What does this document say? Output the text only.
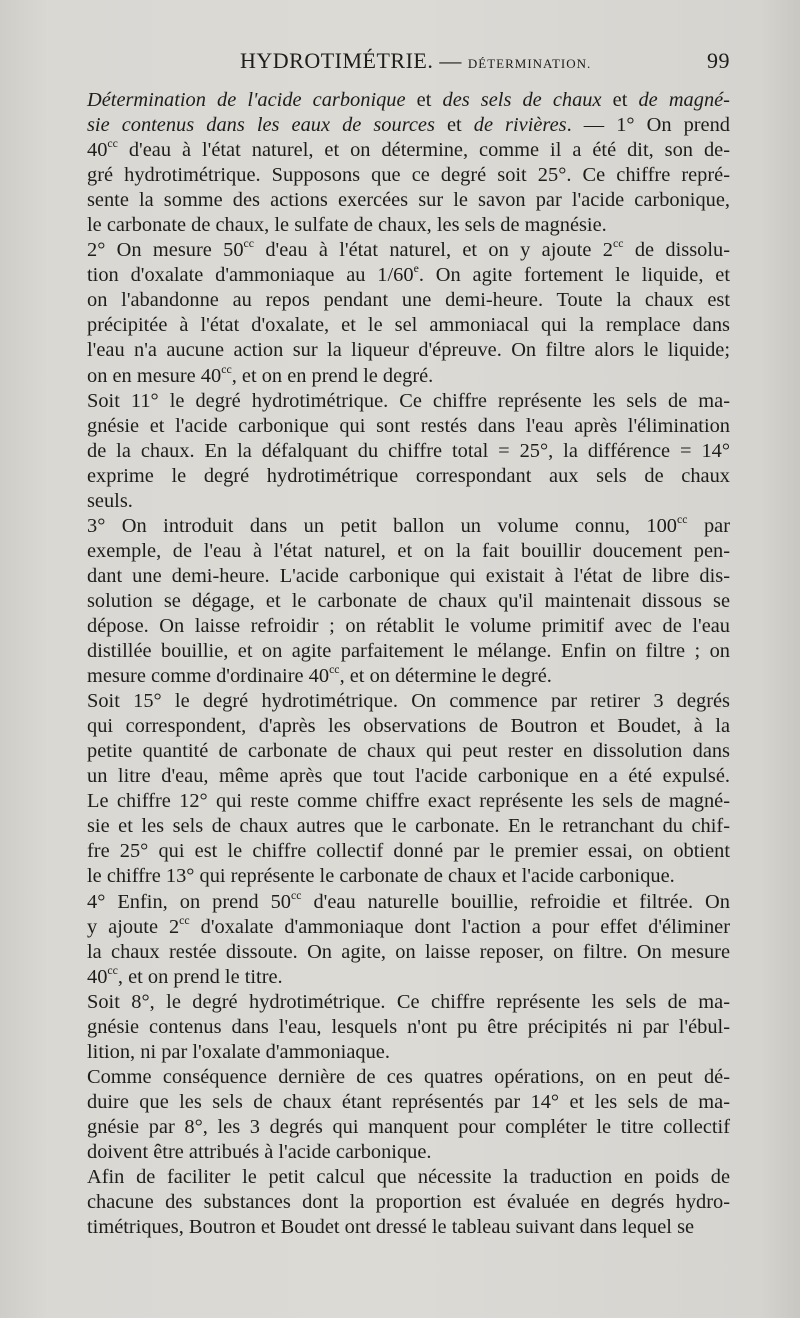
HYDROTIMÉTRIE. — DÉTERMINATION.	99

Détermination de l'acide carbonique et des sels de chaux et de magné-
sie contenus dans les eaux de sources et de rivières. — 1° On prend
$40^{cc}$ d'eau à l'état naturel, et on détermine, comme il a été dit, son de-
gré hydrotimétrique. Supposons que ce degré soit 25°. Ce chiffre repré-
sente la somme des actions exercées sur le savon par l'acide carbonique,
le carbonate de chaux, le sulfate de chaux, les sels de magnésie.

2° On mesure $50^{cc}$ d'eau à l'état naturel, et on y ajoute $2^{cc}$ de dissolu-
tion d'oxalate d'ammoniaque au 1/60e. On agite fortement le liquide, et
on l'abandonne au repos pendant une demi-heure. Toute la chaux est
précipitée à l'état d'oxalate, et le sel ammoniacal qui la remplace dans
l'eau n'a aucune action sur la liqueur d'épreuve. On filtre alors le liquide;
on en mesure $40^{cc}$, et on en prend le degré.

Soit 11° le degré hydrotimétrique. Ce chiffre représente les sels de ma-
gnésie et l'acide carbonique qui sont restés dans l'eau après l'élimination
de la chaux. En la défalquant du chiffre total = 25°, la différence = 14°
exprime le degré hydrotimétrique correspondant aux sels de chaux
seuls.

3° On introduit dans un petit ballon un volume connu, $100^{cc}$ par
exemple, de l'eau à l'état naturel, et on la fait bouillir doucement pen-
dant une demi-heure. L'acide carbonique qui existait à l'état de libre dis-
solution se dégage, et le carbonate de chaux qu'il maintenait dissous se
dépose. On laisse refroidir ; on rétablit le volume primitif avec de l'eau
distillée bouillie, et on agite parfaitement le mélange. Enfin on filtre ; on
mesure comme d'ordinaire $40^{cc}$, et on détermine le degré.

Soit 15° le degré hydrotimétrique. On commence par retirer 3 degrés
qui correspondent, d'après les observations de Boutron et Boudet, à la
petite quantité de carbonate de chaux qui peut rester en dissolution dans
un litre d'eau, même après que tout l'acide carbonique en a été expulsé.
Le chiffre 12° qui reste comme chiffre exact représente les sels de magné-
sie et les sels de chaux autres que le carbonate. En le retranchant du chif-
fre 25° qui est le chiffre collectif donné par le premier essai, on obtient
le chiffre 13° qui représente le carbonate de chaux et l'acide carbonique.

4° Enfin, on prend $50^{cc}$ d'eau naturelle bouillie, refroidie et filtrée. On
y ajoute $2^{cc}$ d'oxalate d'ammoniaque dont l'action a pour effet d'éliminer
la chaux restée dissoute. On agite, on laisse reposer, on filtre. On mesure
$40^{cc}$, et on prend le titre.

Soit 8°, le degré hydrotimétrique. Ce chiffre représente les sels de ma-
gnésie contenus dans l'eau, lesquels n'ont pu être précipités ni par l'ébul-
lition, ni par l'oxalate d'ammoniaque.

Comme conséquence dernière de ces quatres opérations, on en peut dé-
duire que les sels de chaux étant représentés par 14° et les sels de ma-
gnésie par 8°, les 3 degrés qui manquent pour compléter le titre collectif
doivent être attribués à l'acide carbonique.

Afin de faciliter le petit calcul que nécessite la traduction en poids de
chacune des substances dont la proportion est évaluée en degrés hydro-
timétriques, Boutron et Boudet ont dressé le tableau suivant dans lequel se
